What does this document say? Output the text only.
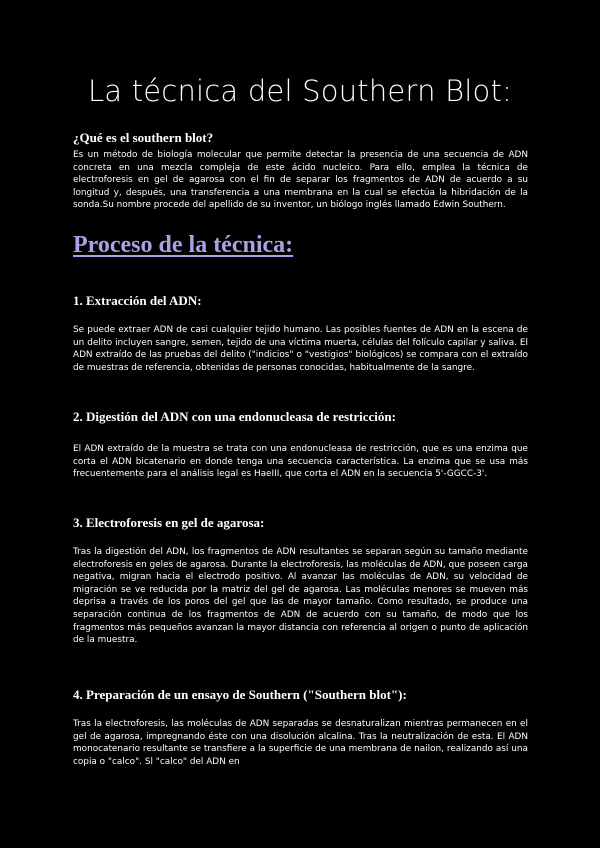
La técnica del Southern Blot:
¿Qué es el southern blot?

Es un método de biología molecular que permite detectar la presencia de una secuencia de ADN concreta en una mezcla compleja de este ácido nucleico. Para ello, emplea la técnica de electroforesis en gel de agarosa con el fin de separar los fragmentos de ADN de acuerdo a su longitud y, después, una transferencia a una membrana en la cual se efectúa la hibridación de la sonda.Su nombre procede del apellido de su inventor, un biólogo inglés llamado Edwin Southern.

Proceso de la técnica:
1. Extracción del ADN:

Se puede extraer ADN de casi cualquier tejido humano. Las posibles fuentes de ADN en la escena de un delito incluyen sangre, semen, tejido de una víctima muerta, células del folículo capilar y saliva. El ADN extraído de las pruebas del delito ("indicios" o "vestigios" biológicos) se compara con el extraído de muestras de referencia, obtenidas de personas conocidas, habitualmente de la sangre.

2. Digestión del ADN con una endonucleasa de restricción:

El ADN extraído de la muestra se trata con una endonucleasa de restricción, que es una enzima que corta el ADN bicatenario en donde tenga una secuencia característica. La enzima que se usa más frecuentemente para el análisis legal es HaeIII, que corta el ADN en la secuencia 5'-GGCC-3'.

3. Electroforesis en gel de agarosa:

Tras la digestión del ADN, los fragmentos de ADN resultantes se separan según su tamaño mediante electroforesis en geles de agarosa. Durante la electroforesis, las moléculas de ADN, que poseen carga negativa, migran hacia el electrodo positivo. Al avanzar las moléculas de ADN, su velocidad de migración se ve reducida por la matriz del gel de agarosa. Las moléculas menores se mueven más deprisa a través de los poros del gel que las de mayor tamaño. Como resultado, se produce una separación continua de los fragmentos de ADN de acuerdo con su tamaño, de modo que los fragmentos más pequeños avanzan la mayor distancia con referencia al origen o punto de aplicación de la muestra.

4. Preparación de un ensayo de Southern ("Southern blot"):

Tras la electroforesis, las moléculas de ADN separadas se desnaturalizan mientras permanecen en el gel de agarosa, impregnando éste con una disolución alcalina. Tras la neutralización de esta. El ADN monocatenario resultante se transfiere a la superficie de una membrana de nailon, realizando así una copia o "calco". Sl "calco" del ADN en
